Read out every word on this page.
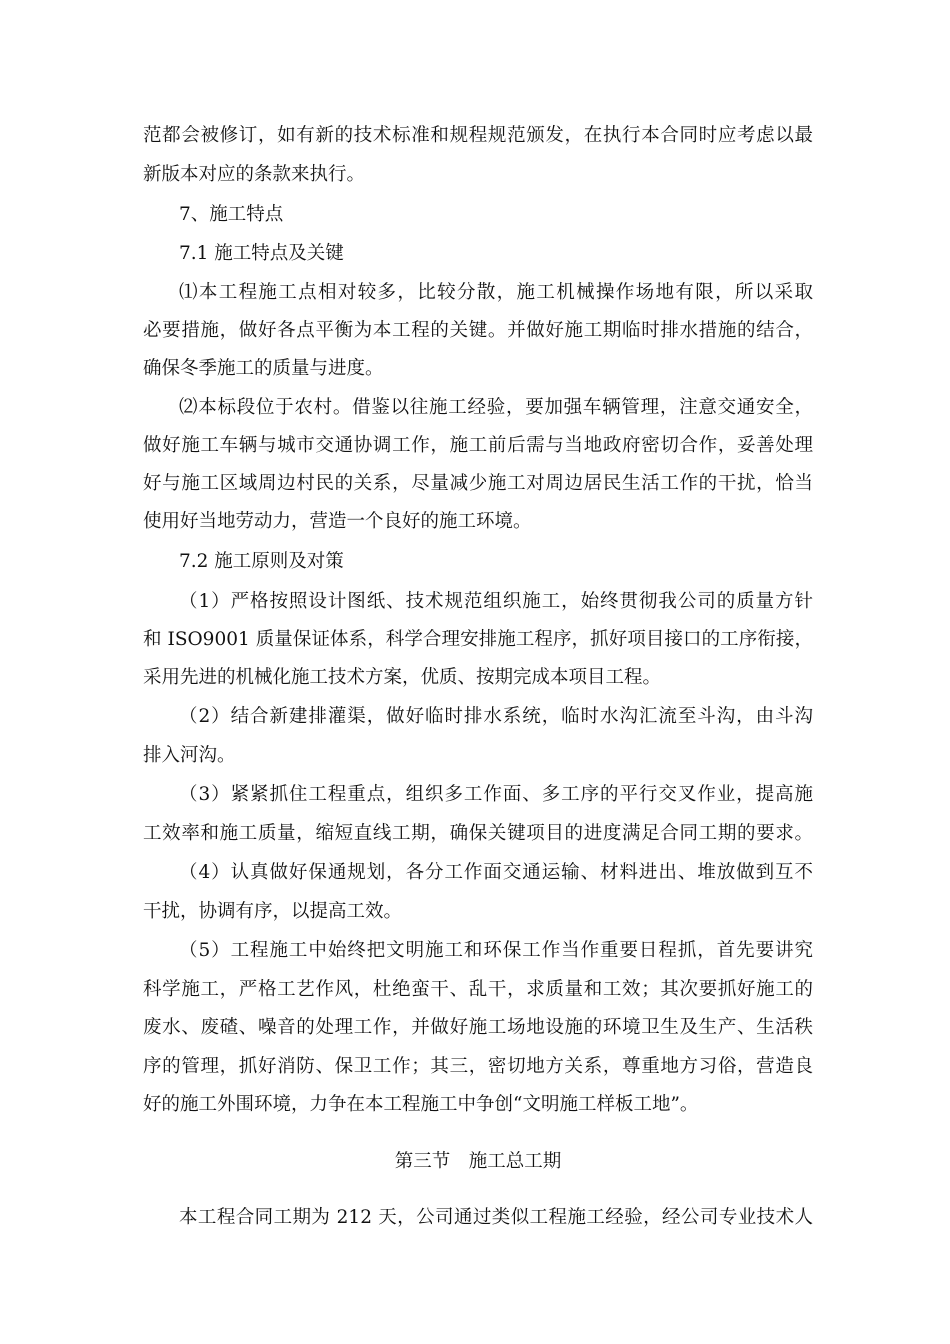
范都会被修订，如有新的技术标准和规程规范颁发，在执行本合同时应考虑以最
新版本对应的条款来执行。
7、施工特点
7.1 施工特点及关键
⑴本工程施工点相对较多，比较分散，施工机械操作场地有限，所以采取
必要措施，做好各点平衡为本工程的关键。并做好施工期临时排水措施的结合，
确保冬季施工的质量与进度。
⑵本标段位于农村。借鉴以往施工经验，要加强车辆管理，注意交通安全，
做好施工车辆与城市交通协调工作，施工前后需与当地政府密切合作，妥善处理
好与施工区域周边村民的关系，尽量减少施工对周边居民生活工作的干扰，恰当
使用好当地劳动力，营造一个良好的施工环境。
7.2 施工原则及对策
（1）严格按照设计图纸、技术规范组织施工，始终贯彻我公司的质量方针
和 ISO9001 质量保证体系，科学合理安排施工程序，抓好项目接口的工序衔接，
采用先进的机械化施工技术方案，优质、按期完成本项目工程。
（2）结合新建排灌渠，做好临时排水系统，临时水沟汇流至斗沟，由斗沟
排入河沟。
（3）紧紧抓住工程重点，组织多工作面、多工序的平行交叉作业，提高施
工效率和施工质量，缩短直线工期，确保关键项目的进度满足合同工期的要求。
（4）认真做好保通规划，各分工作面交通运输、材料进出、堆放做到互不
干扰，协调有序，以提高工效。
（5）工程施工中始终把文明施工和环保工作当作重要日程抓，首先要讲究
科学施工，严格工艺作风，杜绝蛮干、乱干，求质量和工效；其次要抓好施工的
废水、废碴、噪音的处理工作，并做好施工场地设施的环境卫生及生产、生活秩
序的管理，抓好消防、保卫工作；其三，密切地方关系，尊重地方习俗，营造良
好的施工外围环境，力争在本工程施工中争创“文明施工样板工地”。
第三节　施工总工期
本工程合同工期为 212 天，公司通过类似工程施工经验，经公司专业技术人
